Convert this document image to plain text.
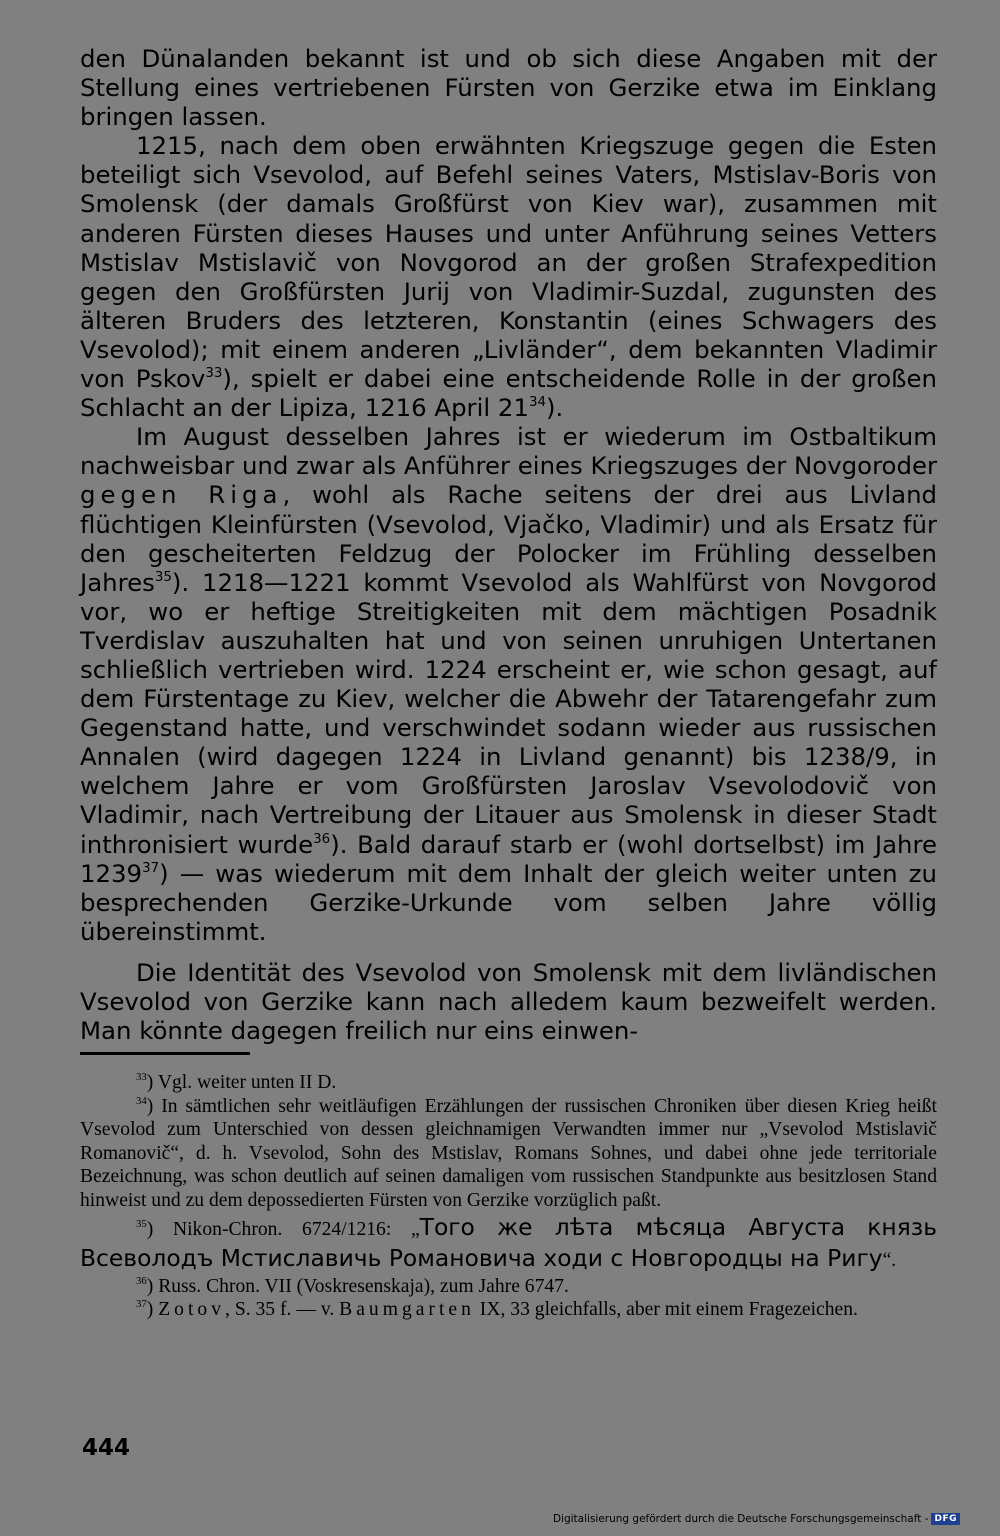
den Dünalanden bekannt ist und ob sich diese Angaben mit der Stellung eines vertriebenen Fürsten von Gerzike etwa im Einklang bringen lassen.

1215, nach dem oben erwähnten Kriegszuge gegen die Esten beteiligt sich Vsevolod, auf Befehl seines Vaters, Mstislav-Boris von Smolensk (der damals Großfürst von Kiev war), zusammen mit anderen Fürsten dieses Hauses und unter Anführung seines Vetters Mstislav Mstislavič von Novgorod an der großen Strafexpedition gegen den Großfürsten Jurij von Vladimir-Suzdal, zugunsten des älteren Bruders des letzteren, Konstantin (eines Schwagers des Vsevolod); mit einem anderen „Livländer“, dem bekannten Vladimir von Pskov$^{33}$), spielt er dabei eine entscheidende Rolle in der großen Schlacht an der Lipiza, 1216 April $21^{34}$).

Im August desselben Jahres ist er wiederum im Ostbaltikum nachweisbar und zwar als Anführer eines Kriegszuges der Novgoroder gegen Riga, wohl als Rache seitens der drei aus Livland flüchtigen Kleinfürsten (Vsevolod, Vjačko, Vladimir) und als Ersatz für den gescheiterten Feldzug der Polocker im Frühling desselben Jahres$^{35}$). 1218—1221 kommt Vsevolod als Wahlfürst von Novgorod vor, wo er heftige Streitigkeiten mit dem mächtigen Posadnik Tverdislav auszuhalten hat und von seinen unruhigen Untertanen schließlich vertrieben wird. 1224 erscheint er, wie schon gesagt, auf dem Fürstentage zu Kiev, welcher die Abwehr der Tatarengefahr zum Gegenstand hatte, und verschwindet sodann wieder aus russischen Annalen (wird dagegen 1224 in Livland genannt) bis 1238/9, in welchem Jahre er vom Großfürsten Jaroslav Vsevolodovič von Vladimir, nach Vertreibung der Litauer aus Smolensk in dieser Stadt inthronisiert wurde$^{36}$). Bald darauf starb er (wohl dortselbst) im Jahre 1239$^{37}$) — was wiederum mit dem Inhalt der gleich weiter unten zu besprechenden Gerzike-Urkunde vom selben Jahre völlig übereinstimmt.

Die Identität des Vsevolod von Smolensk mit dem livländischen Vsevolod von Gerzike kann nach alledem kaum bezweifelt werden. Man könnte dagegen freilich nur eins einwen-

$^{33}$) Vgl. weiter unten II D.

$^{34}$) In sämtlichen sehr weitläufigen Erzählungen der russischen Chroniken über diesen Krieg heißt Vsevolod zum Unterschied von dessen gleichnamigen Verwandten immer nur „Vsevolod Mstislavič Romanovič“, d. h. Vsevolod, Sohn des Mstislav, Romans Sohnes, und dabei ohne jede territoriale Bezeichnung, was schon deutlich auf seinen damaligen vom russischen Standpunkte aus besitzlosen Stand hinweist und zu dem depossedierten Fürsten von Gerzike vorzüglich paßt.

$^{35}$) Nikon-Chron. 6724/1216: „Того же лѣта мѣсяца Августа князь Всеволодъ Мстиславичь Романовича ходи с Новгородцы на Ригу“.

$^{36}$) Russ. Chron. VII (Voskresenskaja), zum Jahre 6747.

$^{37}$) Zotov, S. 35 f. — v. Baumgarten IX, 33 gleichfalls, aber mit einem Fragezeichen.

444
Digitalisierung gefördert durch die Deutsche Forschungsgemeinschaft - DFG
